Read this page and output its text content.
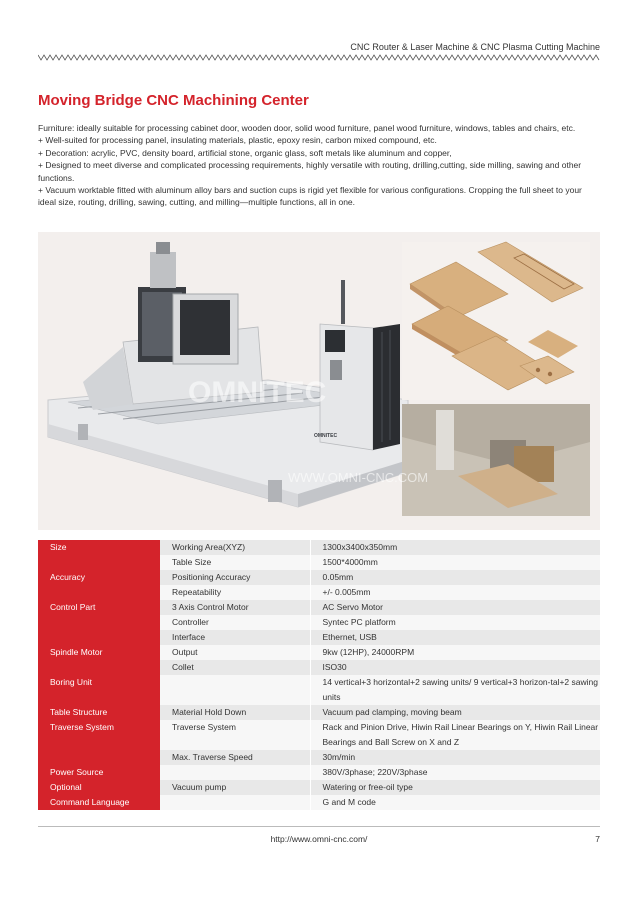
CNC Router & Laser Machine & CNC Plasma Cutting Machine
Moving Bridge CNC Machining Center
Furniture: ideally suitable for processing cabinet door, wooden door, solid wood furniture, panel wood furniture, windows, tables and chairs, etc.
+ Well-suited for processing panel, insulating materials, plastic, epoxy resin, carbon mixed compound, etc.
+ Decoration: acrylic, PVC, density board, artificial stone, organic glass, soft metals like aluminum and copper,
+ Designed to meet diverse and complicated processing requirements, highly versatile with routing, drilling,cutting, side milling, sawing and other functions.
+ Vacuum worktable fitted with aluminum alloy bars and suction cups is rigid yet flexible for various configurations. Cropping the full sheet to your ideal size, routing, drilling, sawing, cutting, and milling—multiple functions, all in one.
OMNITEC
WWW.OMNI-CNC.COM
OMNITEC
Size	Working Area(XYZ)	1300x3400x350mm
	Table Size	1500*4000mm
Accuracy	Positioning Accuracy	0.05mm
	Repeatability	+/- 0.005mm
Control Part	3 Axis Control Motor	AC Servo Motor
	Controller	Syntec PC platform
	Interface	Ethernet, USB
Spindle Motor	Output	9kw (12HP), 24000RPM
	Collet	ISO30
Boring Unit		14 vertical+3 horizontal+2 sawing units/ 9 vertical+3 horizon-tal+2 sawing units
Table Structure	Material Hold Down	Vacuum pad clamping, moving beam
Traverse System	Traverse System	Rack and Pinion Drive, Hiwin Rail Linear Bearings on Y, Hiwin Rail Linear Bearings and Ball Screw on X and Z
	Max. Traverse Speed	30m/min
Power Source		380V/3phase; 220V/3phase
Optional	Vacuum pump	Watering or free-oil type
Command Language		G and M code
http://www.omni-cnc.com/	7
